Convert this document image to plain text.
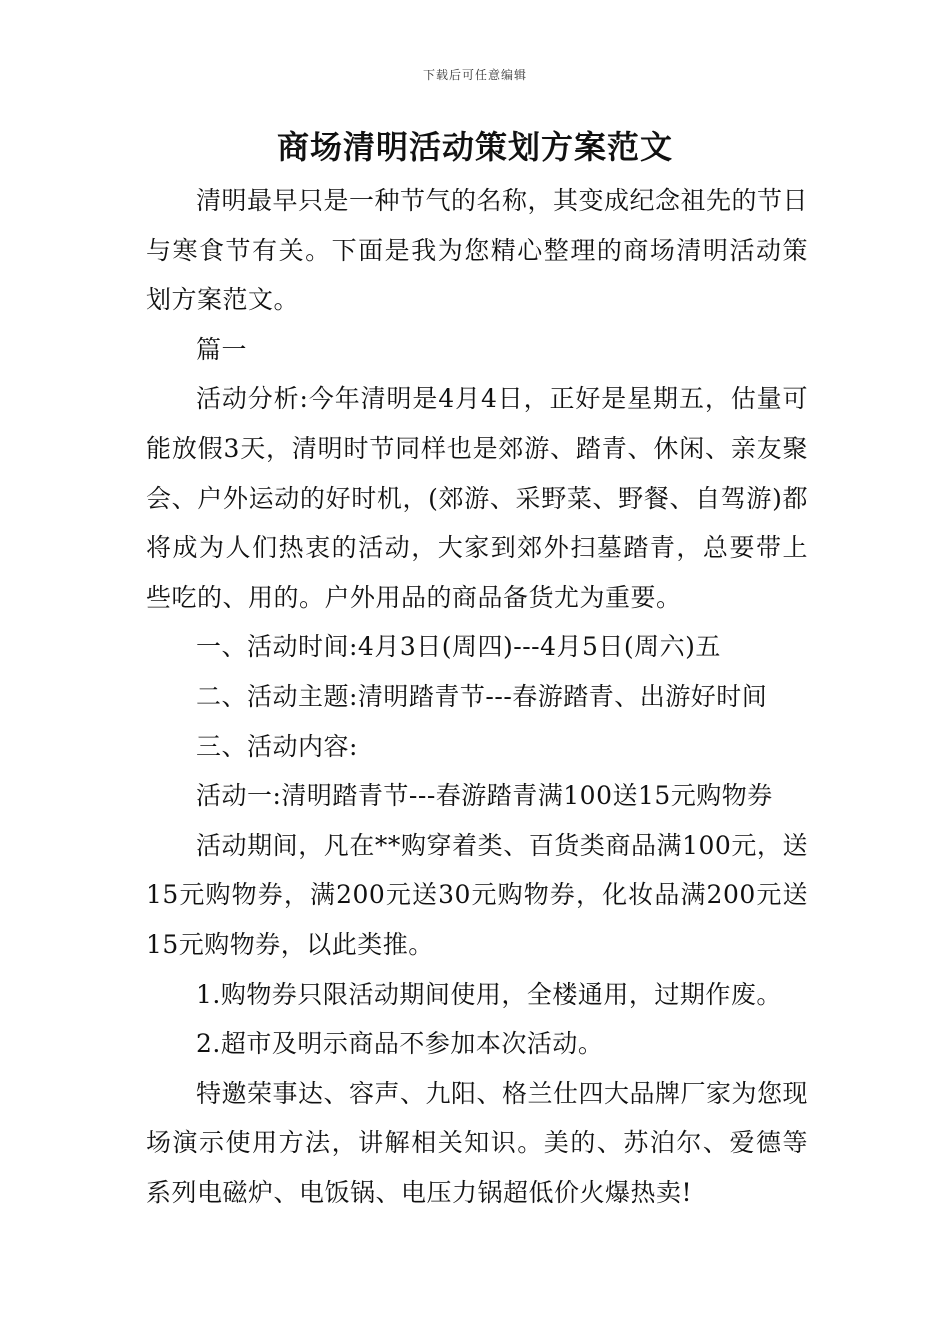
下载后可任意编辑
商场清明活动策划方案范文

清明最早只是一种节气的名称，其变成纪念祖先的节日与寒食节有关。下面是我为您精心整理的商场清明活动策划方案范文。

篇一

活动分析:今年清明是4月4日，正好是星期五，估量可能放假3天，清明时节同样也是郊游、踏青、休闲、亲友聚会、户外运动的好时机，(郊游、采野菜、野餐、自驾游)都将成为人们热衷的活动，大家到郊外扫墓踏青，总要带上些吃的、用的。户外用品的商品备货尤为重要。

一、活动时间:4月3日(周四)---4月5日(周六)五

二、活动主题:清明踏青节---春游踏青、出游好时间

三、活动内容:

活动一:清明踏青节---春游踏青满100送15元购物券

活动期间，凡在**购穿着类、百货类商品满100元，送15元购物券，满200元送30元购物券，化妆品满200元送15元购物券，以此类推。

1.购物券只限活动期间使用，全楼通用，过期作废。

2.超市及明示商品不参加本次活动。

特邀荣事达、容声、九阳、格兰仕四大品牌厂家为您现场演示使用方法，讲解相关知识。美的、苏泊尔、爱德等系列电磁炉、电饭锅、电压力锅超低价火爆热卖!
